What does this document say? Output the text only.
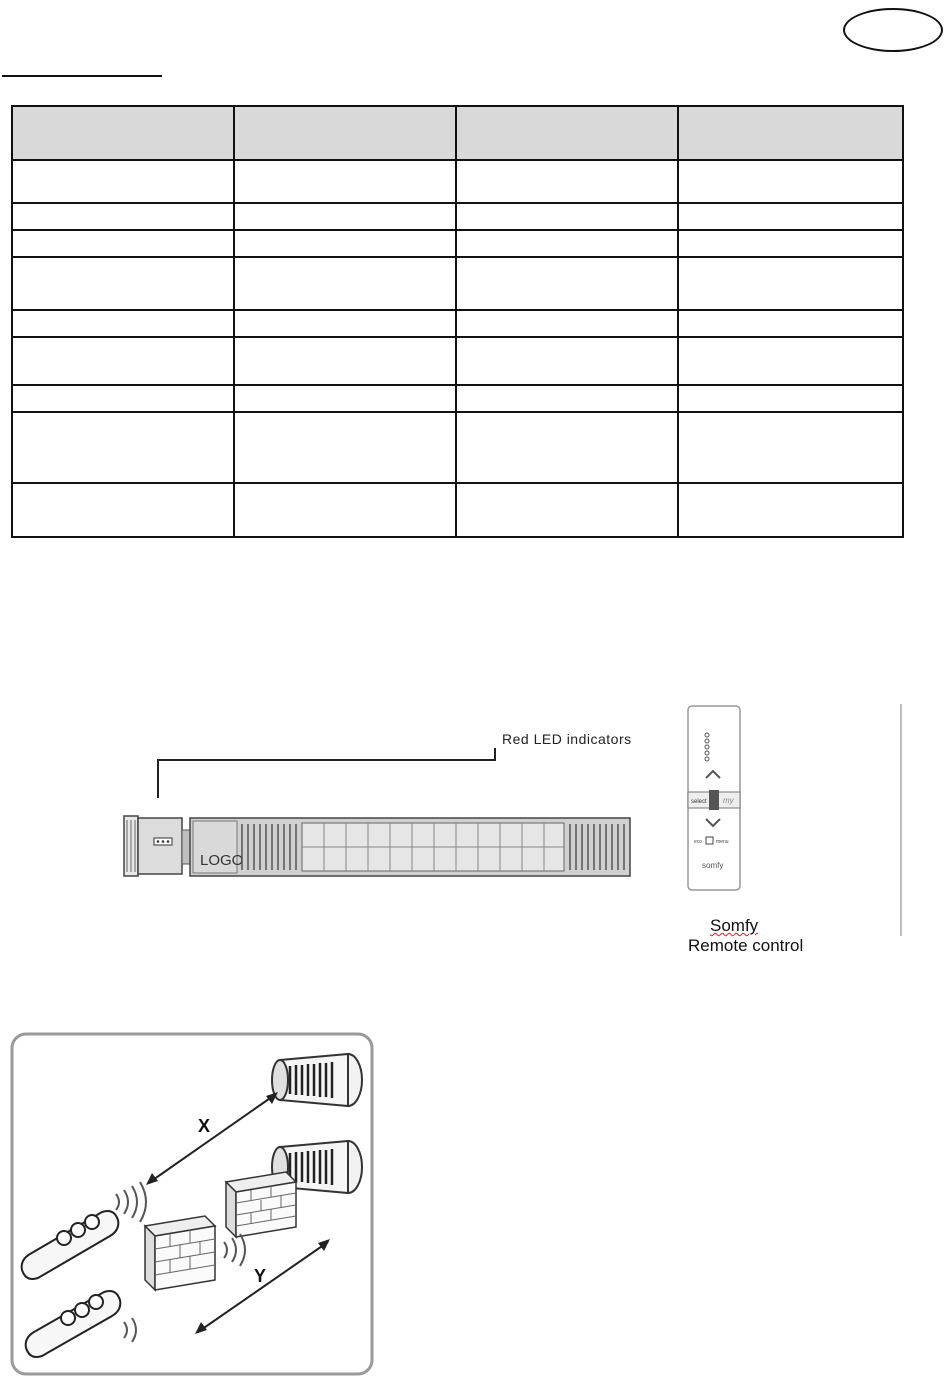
Red LED indicators
LOGO
select my
eco	menu
somfy
Somfy
Remote control
X
Y
